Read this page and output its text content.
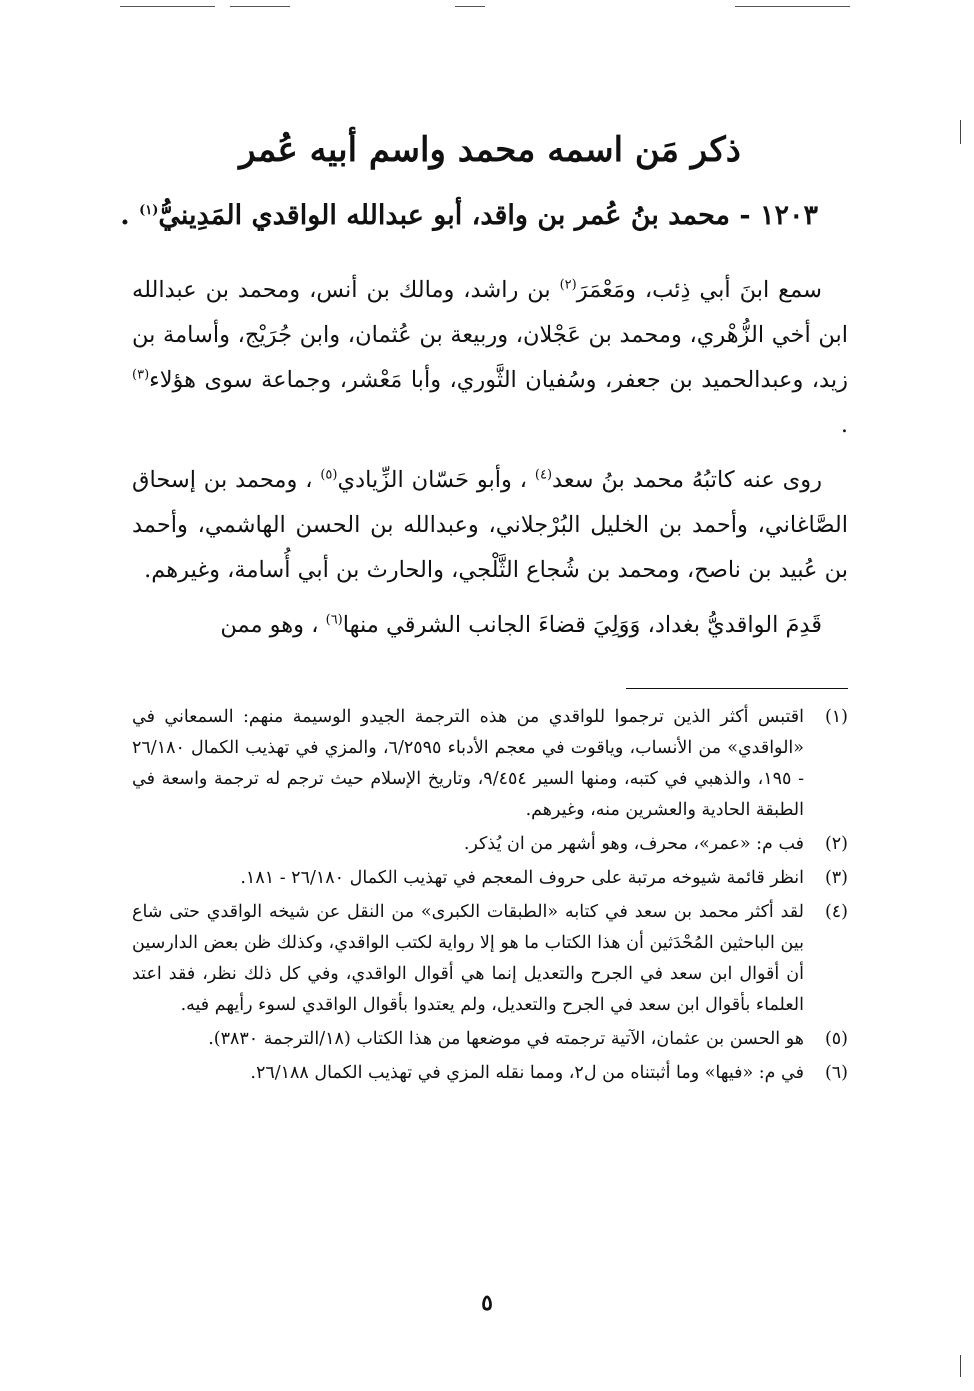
ذكر مَن اسمه محمد واسم أبيه عُمر
١٢٠٣ - محمد بنُ عُمر بن واقد، أبو عبدالله الواقدي المَدِينيُّ$^{(١)}$ .

سمع ابنَ أبي ذِئب، ومَعْمَرَ$^{(٢)}$ بن راشد، ومالك بن أنس، ومحمد بن عبدالله ابن أخي الزُّهْري، ومحمد بن عَجْلان، وربيعة بن عُثمان، وابن جُرَيْج، وأسامة بن زيد، وعبدالحميد بن جعفر، وسُفيان الثَّوري، وأبا مَعْشر، وجماعة سوى هؤلاء$^{(٣)}$ .

روى عنه كاتبُهُ محمد بنُ سعد$^{(٤)}$ ، وأبو حَسّان الزِّيادي$^{(٥)}$ ، ومحمد بن إسحاق الصَّاغاني، وأحمد بن الخليل البُرْجلاني، وعبدالله بن الحسن الهاشمي، وأحمد بن عُبيد بن ناصح، ومحمد بن شُجاع الثَّلْجي، والحارث بن أبي أُسامة، وغيرهم.

قَدِمَ الواقديُّ بغداد، وَوَلِيَ قضاءَ الجانب الشرقي منها$^{(٦)}$ ، وهو ممن

(١)
اقتبس أكثر الذين ترجموا للواقدي من هذه الترجمة الجيدو الوسيمة منهم: السمعاني في «الواقدي» من الأنساب، وياقوت في معجم الأدباء ٦/٢٥٩٥، والمزي في تهذيب الكمال ٢٦/١٨٠ - ١٩٥، والذهبي في كتبه، ومنها السير ٩/٤٥٤، وتاريخ الإسلام حيث ترجم له ترجمة واسعة في الطبقة الحادية والعشرين منه، وغيرهم.
(٢)
فب م: «عمر»، محرف، وهو أشهر من ان يُذكر.
(٣)
انظر قائمة شيوخه مرتبة على حروف المعجم في تهذيب الكمال ٢٦/١٨٠ - ١٨١.
(٤)
لقد أكثر محمد بن سعد في كتابه «الطبقات الكبرى» من النقل عن شيخه الواقدي حتى شاع بين الباحثين المُحْدَثين أن هذا الكتاب ما هو إلا رواية لكتب الواقدي، وكذلك ظن بعض الدارسين أن أقوال ابن سعد في الجرح والتعديل إنما هي أقوال الواقدي، وفي كل ذلك نظر، فقد اعتد العلماء بأقوال ابن سعد في الجرح والتعديل، ولم يعتدوا بأقوال الواقدي لسوء رأيهم فيه.
(٥)
هو الحسن بن عثمان، الآتية ترجمته في موضعها من هذا الكتاب (١٨/الترجمة ٣٨٣٠).
(٦)
في م: «فيها» وما أثبتناه من ل٢، ومما نقله المزي في تهذيب الكمال ٢٦/١٨٨.
٥
